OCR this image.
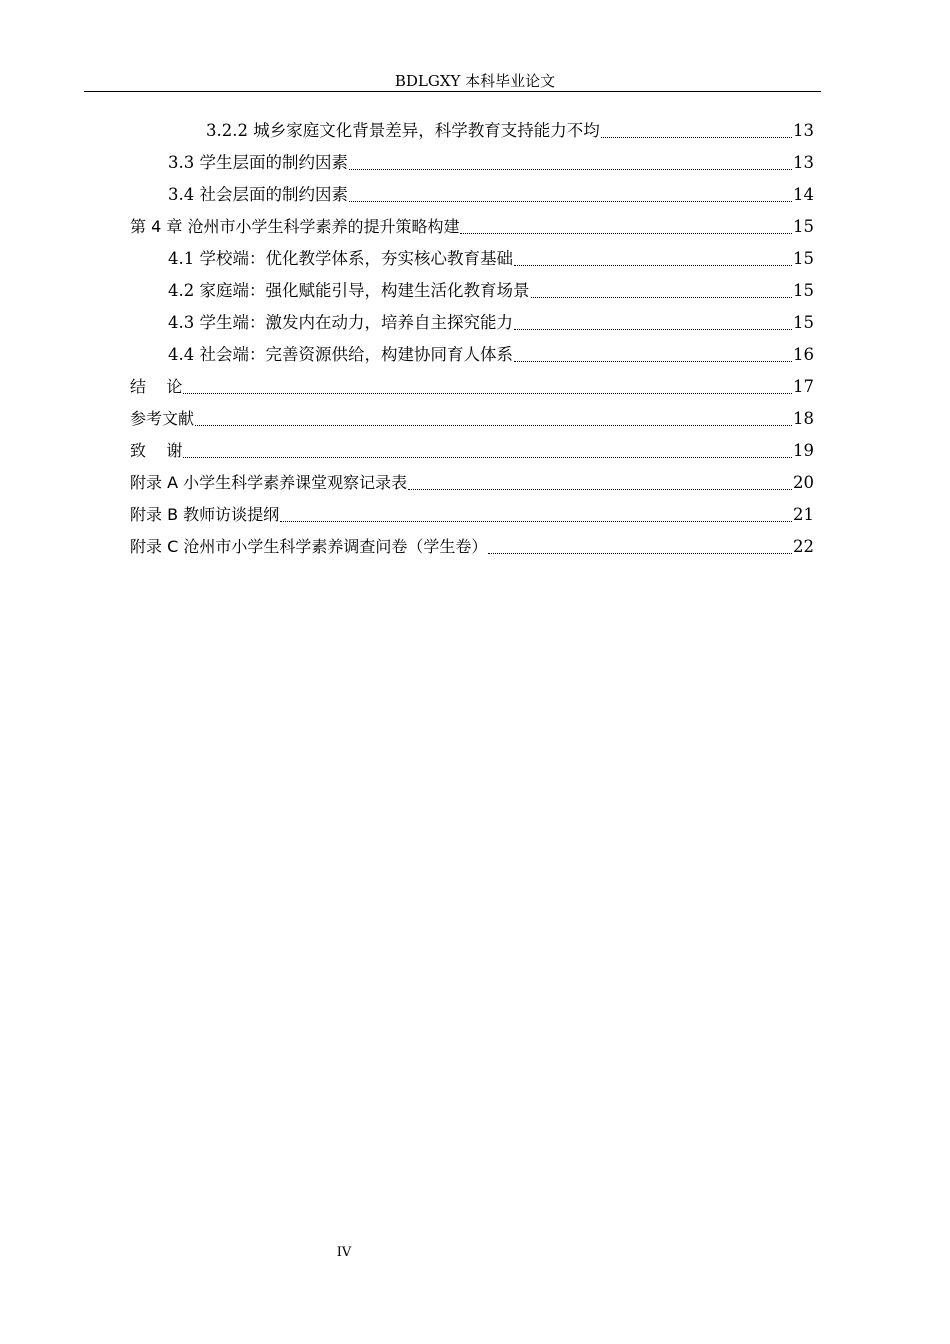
BDLGXY 本科毕业论文
3.2.2 城乡家庭文化背景差异，科学教育支持能力不均	13
3.3 学生层面的制约因素	13
3.4 社会层面的制约因素	14
第 4 章 沧州市小学生科学素养的提升策略构建	15
4.1 学校端：优化教学体系，夯实核心教育基础	15
4.2 家庭端：强化赋能引导，构建生活化教育场景	15
4.3 学生端：激发内在动力，培养自主探究能力	15
4.4 社会端：完善资源供给，构建协同育人体系	16
结    论	17
参考文献	18
致    谢	19
附录 A 小学生科学素养课堂观察记录表	20
附录 B 教师访谈提纲	21
附录 C 沧州市小学生科学素养调查问卷（学生卷）	22
IV
